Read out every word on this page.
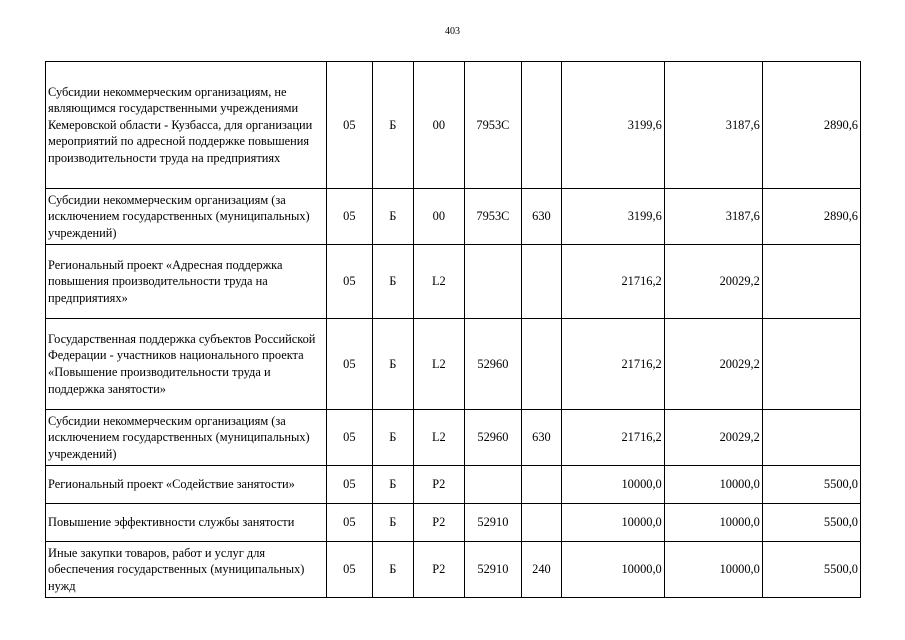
403
Субсидии некоммерческим организациям, не являющимся государственными учреждениями Кемеровской области - Кузбасса, для организации мероприятий по адресной поддержке повышения производительности труда на предприятиях	05	Б	00	7953С		3199,6	3187,6	2890,6
Субсидии некоммерческим организациям (за исключением государственных (муниципальных) учреждений)	05	Б	00	7953С	630	3199,6	3187,6	2890,6
Региональный проект «Адресная поддержка повышения производительности труда на предприятиях»	05	Б	L2			21716,2	20029,2	
Государственная поддержка субъектов Российской Федерации - участников национального проекта «Повышение производительности труда и поддержка занятости»	05	Б	L2	52960		21716,2	20029,2	
Субсидии некоммерческим организациям (за исключением государственных (муниципальных) учреждений)	05	Б	L2	52960	630	21716,2	20029,2	
Региональный проект «Содействие занятости»	05	Б	Р2			10000,0	10000,0	5500,0
Повышение эффективности службы занятости	05	Б	Р2	52910		10000,0	10000,0	5500,0
Иные закупки товаров, работ и услуг для обеспечения государственных (муниципальных) нужд	05	Б	Р2	52910	240	10000,0	10000,0	5500,0
